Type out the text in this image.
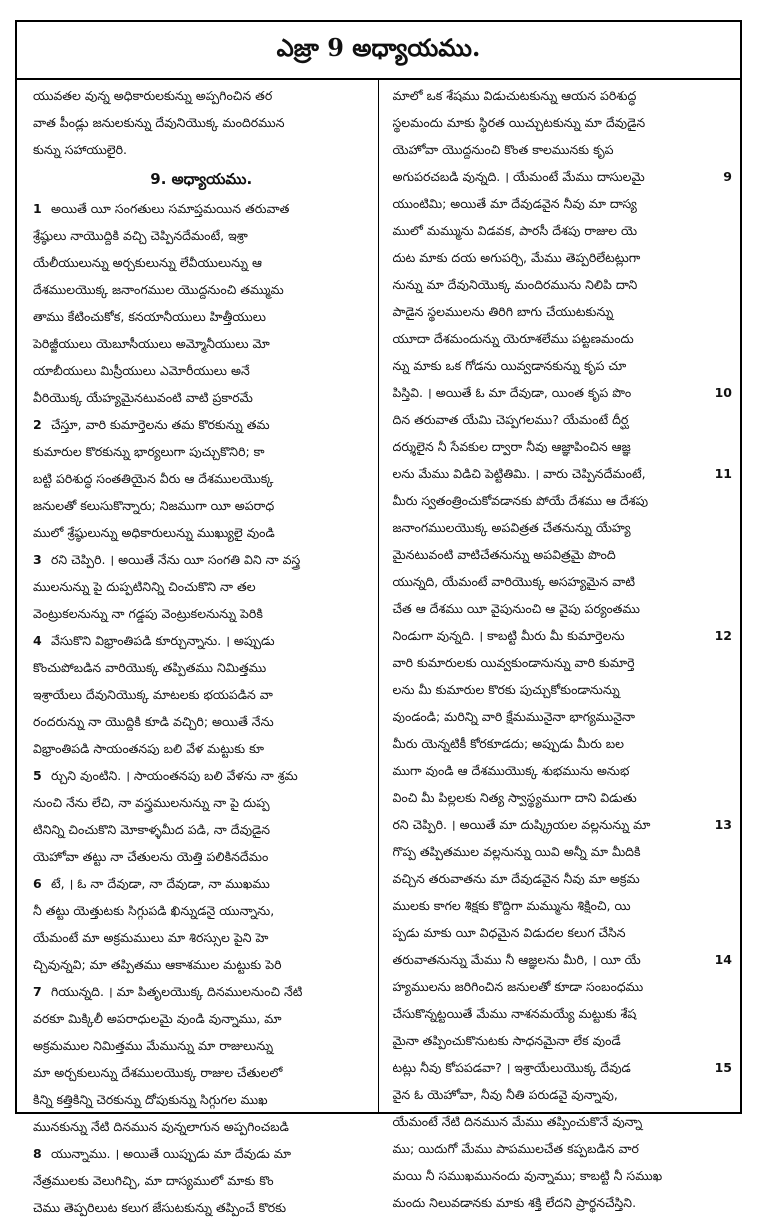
ఎజ్రా 9 అధ్యాయము.
యువతల వున్న అధికారులకున్ను అప్పగించిన తర
వాత పీండ్లు జనులకున్ను దేవునియొక్క మందిరమున
కున్ను సహాయులైరి.
9. అధ్యాయము.
1 అయితే యీ సంగతులు సమాప్తమయిన తరువాత
శ్రేష్ఠులు నాయొద్దికి వచ్చి చెప్పినదేమంటే, ఇశ్రా
యేలీయులున్ను అర్చకులున్ను లేవీయులున్ను ఆ
దేశములయొక్క జనాంగముల యొద్దనుంచి తమ్ముమ
తాము కేటించుకోక, కనయానీయులు హిత్తీయులు
పెరిజ్జీయులు యెబూసీయులు అమ్మోనీయులు మో
యాబీయులు మిస్రీయులు ఎమోరీయులు అనే
వీరియొక్క యేహ్యమైనటువంటి వాటి ప్రకారమే
2 చేస్తూ, వారి కుమార్తెలను తమ కొరకున్ను తమ
కుమారుల కొరకున్ను భార్యలుగా పుచ్చుకొనిరి; కా
బట్టి పరిశుద్ధ సంతతియైన వీరు ఆ దేశములయొక్క
జనులతో కలుసుకొన్నారు; నిజముగా యీ అపరాధ
ములో శ్రేష్ఠులున్ను అధికారులున్ను ముఖ్యులై వుండి
3 రని చెప్పిరి. । అయితే నేను యీ సంగతి విని నా వస్త్ర
ములనున్ను పై దుప్పటినిన్ని చించుకొని నా తల
వెంట్రుకలనున్ను నా గడ్డపు వెంట్రుకలనున్ను పెరికి
4 వేసుకొని విభ్రాంతిపడి కూర్చున్నాను. । అప్పుడు
కొంచుపోబడిన వారియొక్క తప్పితము నిమిత్తము
ఇశ్రాయేలు దేవునియొక్క మాటలకు భయపడిన వా
రందరున్ను నా యొద్దికి కూడి వచ్చిరి; అయితే నేను
విభ్రాంతిపడి సాయంతనపు బలి వేళ మట్టుకు కూ
5 ర్చుని వుంటిని. । సాయంతనపు బలి వేళను నా శ్రమ
నుంచి నేను లేచి, నా వస్త్రములనున్ను నా పై దుప్ప
టినిన్ని చించుకొని మోకాళ్ళమీద పడి, నా దేవుడైన
యెహోవా తట్టు నా చేతులను యెత్తి పలికినదేమం
6 టే, । ఓ నా దేవుడా, నా దేవుడా, నా ముఖము
నీ తట్టు యెత్తుటకు సిగ్గుపడి ఖిన్నుడనై యున్నాను,
యేమంటే మా అక్రమములు మా శిరస్సుల పైని హె
చ్చివున్నవి; మా తప్పితము ఆకాశముల మట్టుకు పెరి
7 గియున్నది. । మా పితృలయొక్క దినములనుంచి నేటి
వరకూ మిక్కిలీ అపరాధులమై వుండి వున్నాము, మా
అక్రమముల నిమిత్తము మేమున్ను మా రాజులున్ను
మా అర్చకులున్ను దేశములయొక్క రాజుల చేతులలో
కిన్ని కత్తికిన్ని చెరకున్ను దోపుకున్ను సిగ్గుగల ముఖ
మునకున్ను నేటి దినమున వున్నలాగున అప్పగించబడి
8 యున్నాము. । అయితే యిప్పుడు మా దేవుడు మా
నేత్రములకు వెలుగిచ్చి, మా దాస్యములో మాకు కొం
చెము తెప్పరిలుట కలుగ జేసుటకున్ను తప్పించే కొరకు
మాలో ఒక శేషము విడుచుటకున్ను ఆయన పరిశుద్ధ
స్థలమందు మాకు స్థిరత యిచ్చుటకున్ను మా దేవుడైన
యెహోవా యొద్దనుంచి కొంత కాలమునకు కృప
9
అగుపరచబడి వున్నది. । యేమంటే మేము దాసులమై
యుంటిమి; అయితే మా దేవుడవైన నీవు మా దాస్య
ములో మమ్మును విడవక, పారసీ దేశపు రాజుల యె
దుట మాకు దయ అగుపర్చి, మేము తెప్పరిలేటట్లుగా
నున్ను మా దేవునియొక్క మందిరమును నిలిపి దాని
పాడైన స్థలములను తిరిగి బాగు చేయుటకున్ను
యూదా దేశమందున్ను యెరూశలేము పట్టణమందు
న్ను మాకు ఒక గోడను యివ్వడానకున్ను కృప చూ
10
పిస్తివి. । అయితే ఓ మా దేవుడా, యింత కృప పొం
దిన తరువాత యేమి చెప్పగలము? యేమంటే దీర్ఘ
దర్శులైన నీ సేవకుల ద్వారా నీవు ఆజ్ఞాపించిన ఆజ్ఞ
11
లను మేము విడిచి పెట్టితిమి. । వారు చెప్పినదేమంటే,
మీరు స్వతంత్రించుకోవడానకు పోయే దేశము ఆ దేశపు
జనాంగములయొక్క అపవిత్రత చేతనున్ను యేహ్య
మైనటువంటి వాటిచేతనున్ను అపవిత్రమై పొంది
యున్నది, యేమంటే వారియొక్క అసహ్యమైన వాటి
చేత ఆ దేశము యీ వైపునుంచి ఆ వైపు పర్యంతము
12
నిండుగా వున్నది. । కాబట్టి మీరు మీ కుమార్తెలను
వారి కుమారులకు యివ్వకుండానున్ను వారి కుమార్తె
లను మీ కుమారుల కొరకు పుచ్చుకోకుండానున్ను
వుండండి; మరిన్ని వారి క్షేమమునైనా భాగ్యమునైనా
మీరు యెన్నటికీ కోరకూడదు; అప్పుడు మీరు బల
ముగా వుండి ఆ దేశముయొక్క శుభమును అనుభ
వించి మీ పిల్లలకు నిత్య స్వాస్థ్యముగా దాని విడుతు
13
రని చెప్పిరి. । అయితే మా దుష్క్రియల వల్లనున్ను మా
గొప్ప తప్పితముల వల్లనున్ను యివి అన్నీ మా మీదికి
వచ్చిన తరువాతను మా దేవుడవైన నీవు మా అక్రమ
ములకు కాగల శిక్షకు కొద్దిగా మమ్మును శిక్షించి, యి
ప్పడు మాకు యీ విధమైన విడుదల కలుగ చేసిన
14
తరువాతనున్ను మేము నీ ఆజ్ఞలను మీరి, । యీ యే
హ్యములను జరిగించిన జనులతో కూడా సంబంధము
చేసుకొన్నట్టయితే మేము నాశనమయ్యే మట్టుకు శేష
మైనా తప్పించుకొనుటకు సాధనమైనా లేక వుండే
15
టట్లు నీవు కోపపడవా? । ఇశ్రాయేలుయొక్క దేవుడ
వైన ఓ యెహోవా, నీవు నీతి పరుడవై వున్నావు,
యేమంటే నేటి దినమున మేము తప్పించుకొనే వున్నా
ము; యిదుగో మేము పాపములచేత కప్పబడిన వార
మయి నీ సముఖమునందు వున్నాము; కాబట్టి నీ సముఖ
మందు నిలువడానకు మాకు శక్తి లేదని ప్రార్థనచేస్తిని.
